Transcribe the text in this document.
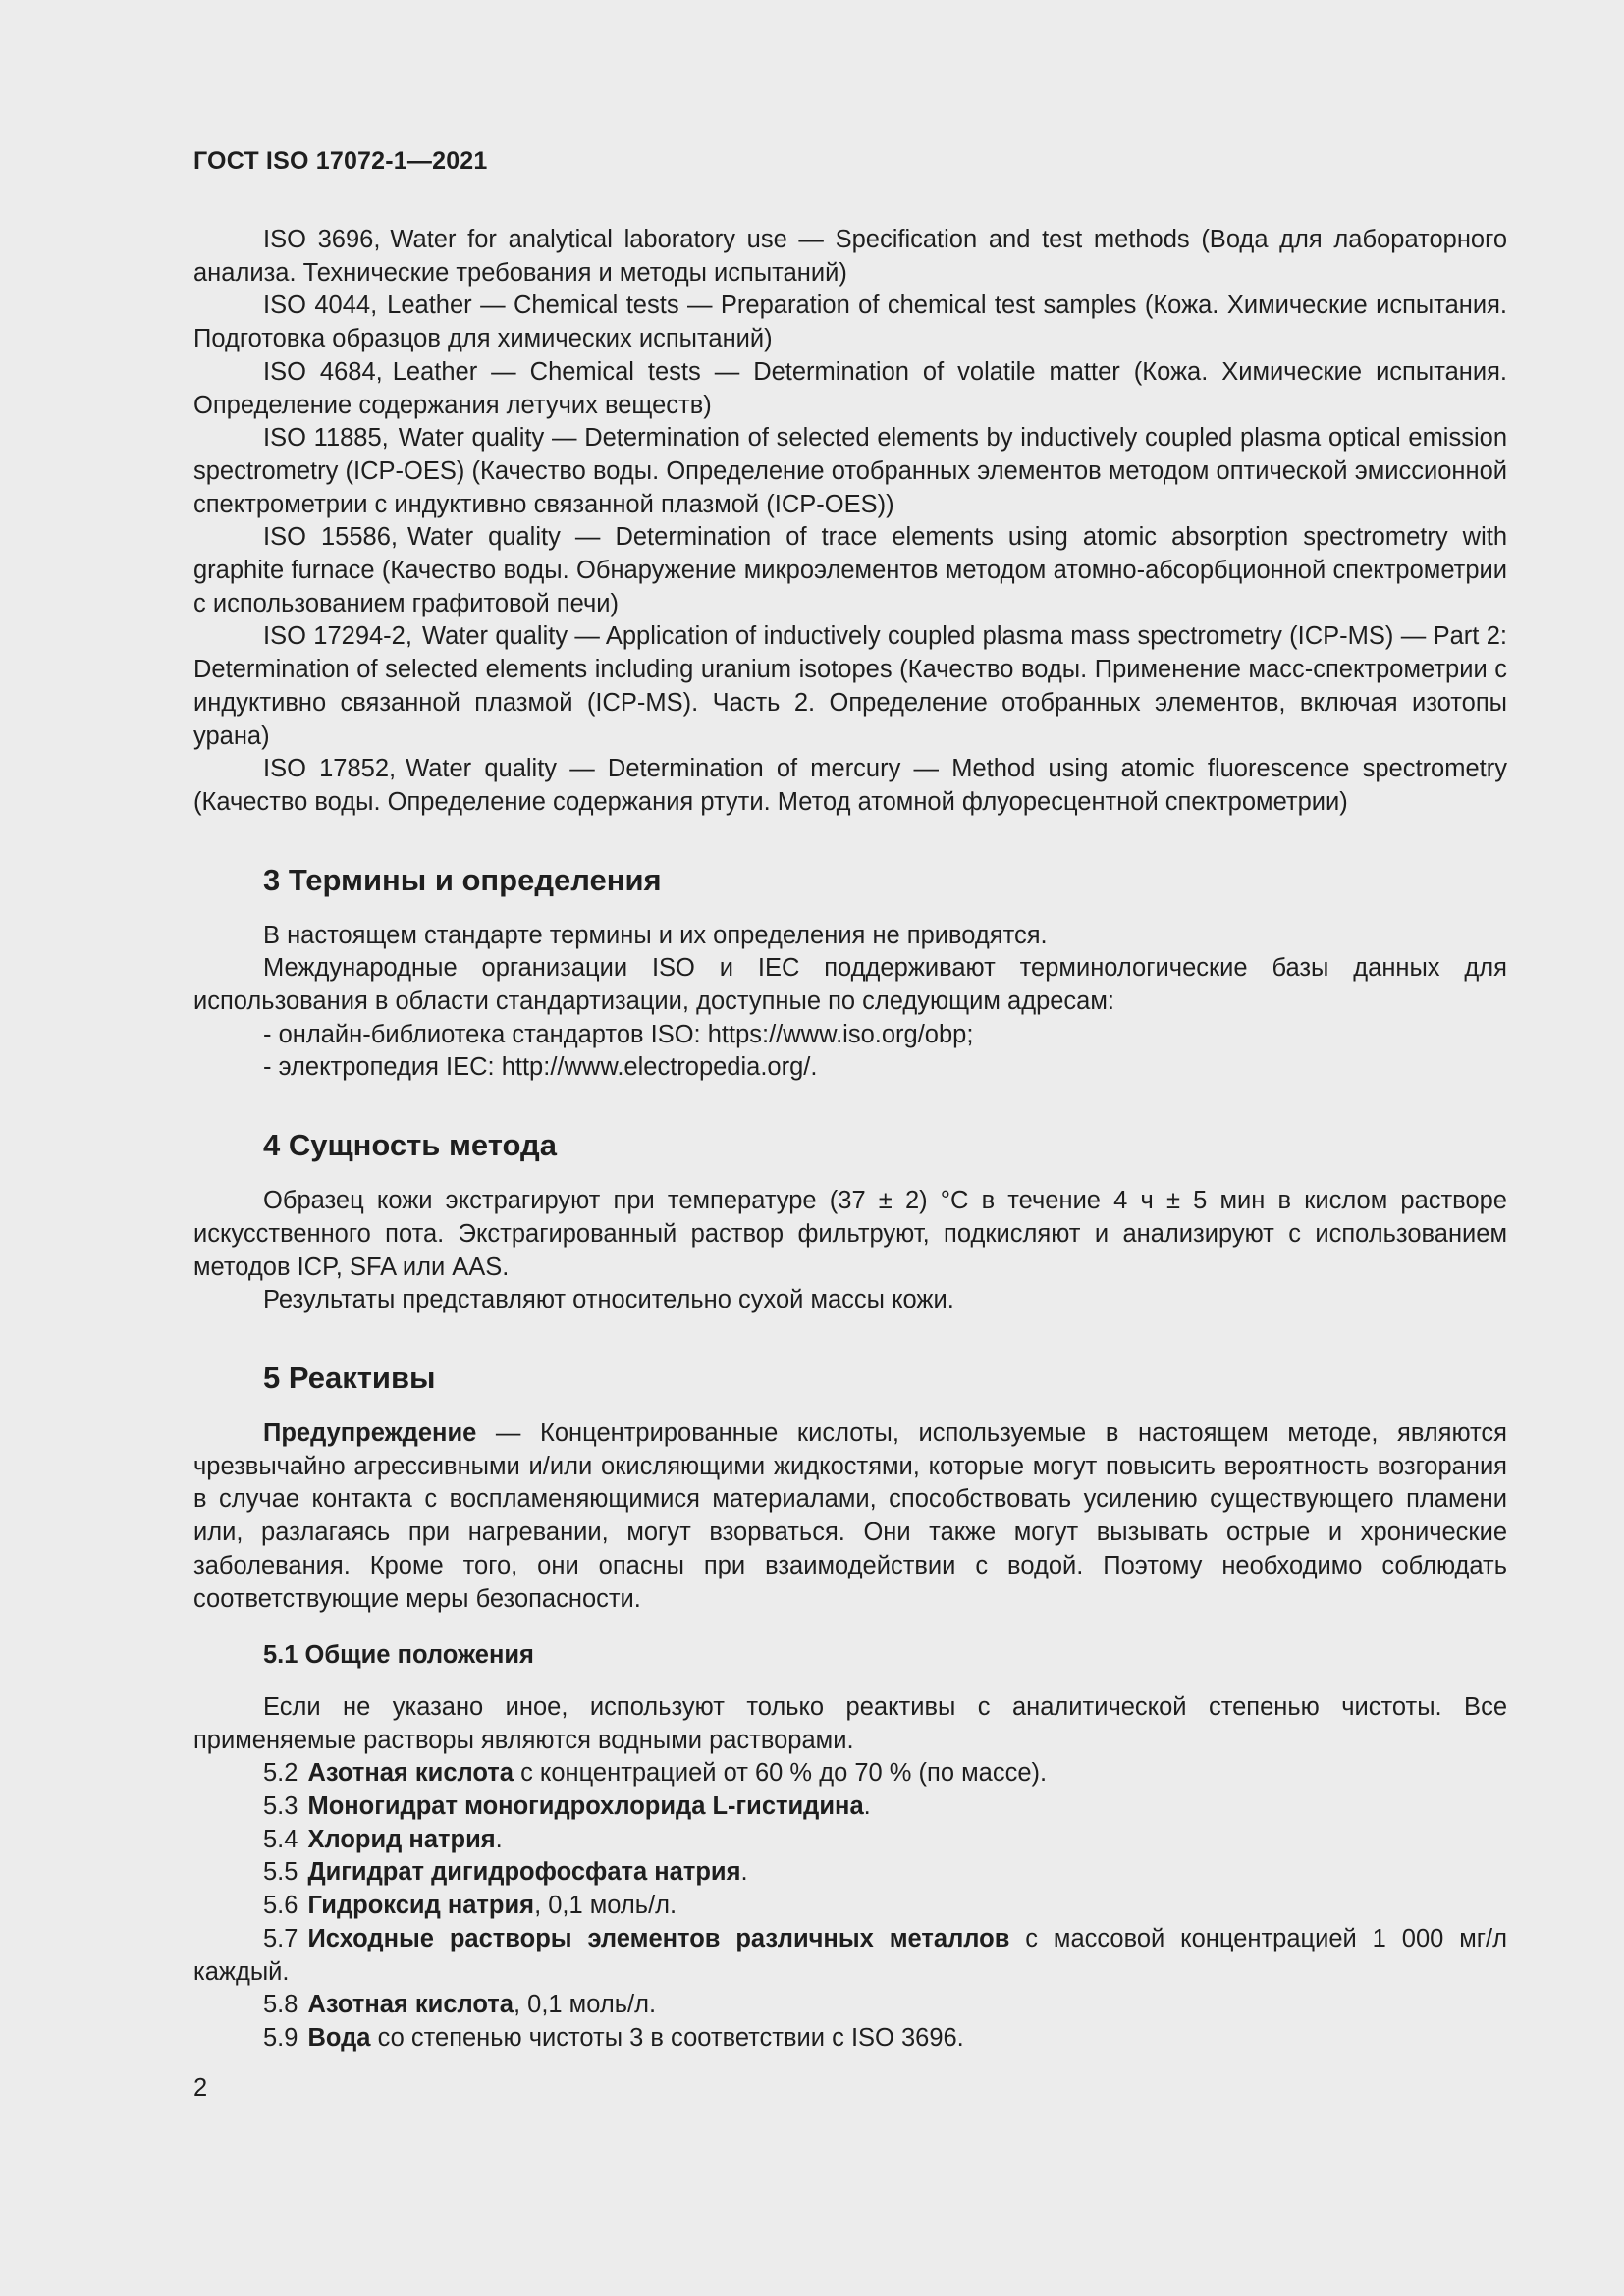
ГОСТ ISO 17072-1—2021

ISO 3696, Water for analytical laboratory use — Specification and test methods (Вода для лабораторного анализа. Технические требования и методы испытаний)

ISO 4044, Leather — Chemical tests — Preparation of chemical test samples (Кожа. Химические испытания. Подготовка образцов для химических испытаний)

ISO 4684, Leather — Chemical tests — Determination of volatile matter (Кожа. Химические испытания. Определение содержания летучих веществ)

ISO 11885, Water quality — Determination of selected elements by inductively coupled plasma optical emission spectrometry (ICP-OES) (Качество воды. Определение отобранных элементов методом оптической эмиссионной спектрометрии с индуктивно связанной плазмой (ICP-OES))

ISO 15586, Water quality — Determination of trace elements using atomic absorption spectrometry with graphite furnace (Качество воды. Обнаружение микроэлементов методом атомно-абсорбционной спектрометрии с использованием графитовой печи)

ISO 17294-2, Water quality — Application of inductively coupled plasma mass spectrometry (ICP-MS) — Part 2: Determination of selected elements including uranium isotopes (Качество воды. Применение масс-спектрометрии с индуктивно связанной плазмой (ICP-MS). Часть 2. Определение отобранных элементов, включая изотопы урана)

ISO 17852, Water quality — Determination of mercury — Method using atomic fluorescence spectrometry (Качество воды. Определение содержания ртути. Метод атомной флуоресцентной спектрометрии)

3 Термины и определения

В настоящем стандарте термины и их определения не приводятся.

Международные организации ISO и IEC поддерживают терминологические базы данных для использования в области стандартизации, доступные по следующим адресам:

- онлайн-библиотека стандартов ISO: https://www.iso.org/obp;

- электропедия IEC: http://www.electropedia.org/.

4 Сущность метода

Образец кожи экстрагируют при температуре (37 ± 2) °С в течение 4 ч ± 5 мин в кислом растворе искусственного пота. Экстрагированный раствор фильтруют, подкисляют и анализируют с использованием методов ICP, SFA или AAS.

Результаты представляют относительно сухой массы кожи.

5 Реактивы

Предупреждение — Концентрированные кислоты, используемые в настоящем методе, являются чрезвычайно агрессивными и/или окисляющими жидкостями, которые могут повысить вероятность возгорания в случае контакта с воспламеняющимися материалами, способствовать усилению существующего пламени или, разлагаясь при нагревании, могут взорваться. Они также могут вызывать острые и хронические заболевания. Кроме того, они опасны при взаимодействии с водой. Поэтому необходимо соблюдать соответствующие меры безопасности.

5.1 Общие положения

Если не указано иное, используют только реактивы с аналитической степенью чистоты. Все применяемые растворы являются водными растворами.

5.2 Азотная кислота с концентрацией от 60 % до 70 % (по массе).

5.3 Моногидрат моногидрохлорида L-гистидина.

5.4 Хлорид натрия.

5.5 Дигидрат дигидрофосфата натрия.

5.6 Гидроксид натрия, 0,1 моль/л.

5.7 Исходные растворы элементов различных металлов с массовой концентрацией 1 000 мг/л каждый.

5.8 Азотная кислота, 0,1 моль/л.

5.9 Вода со степенью чистоты 3 в соответствии с ISO 3696.

2
